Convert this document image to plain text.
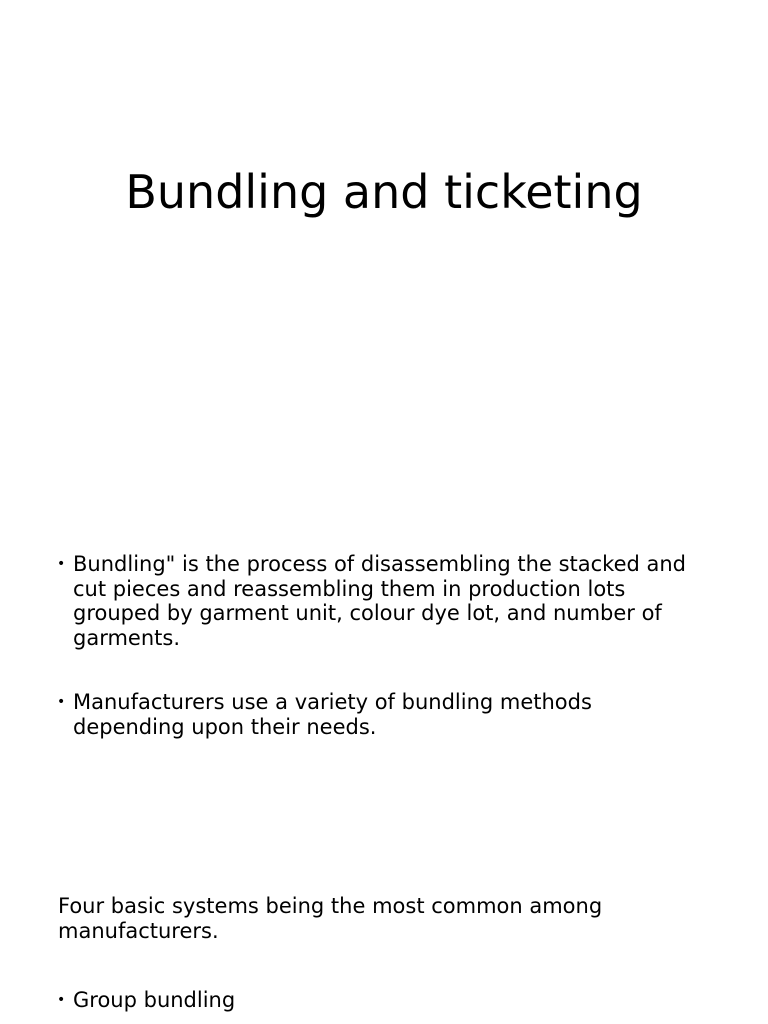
Bundling and ticketing
• Bundling" is the process of disassembling the stacked and cut pieces and reassembling them in production lots grouped by garment unit, colour dye lot, and number of garments.
• Manufacturers use a variety of bundling methods depending upon their needs.
Four basic systems being the most common among manufacturers.
• Group bundling
